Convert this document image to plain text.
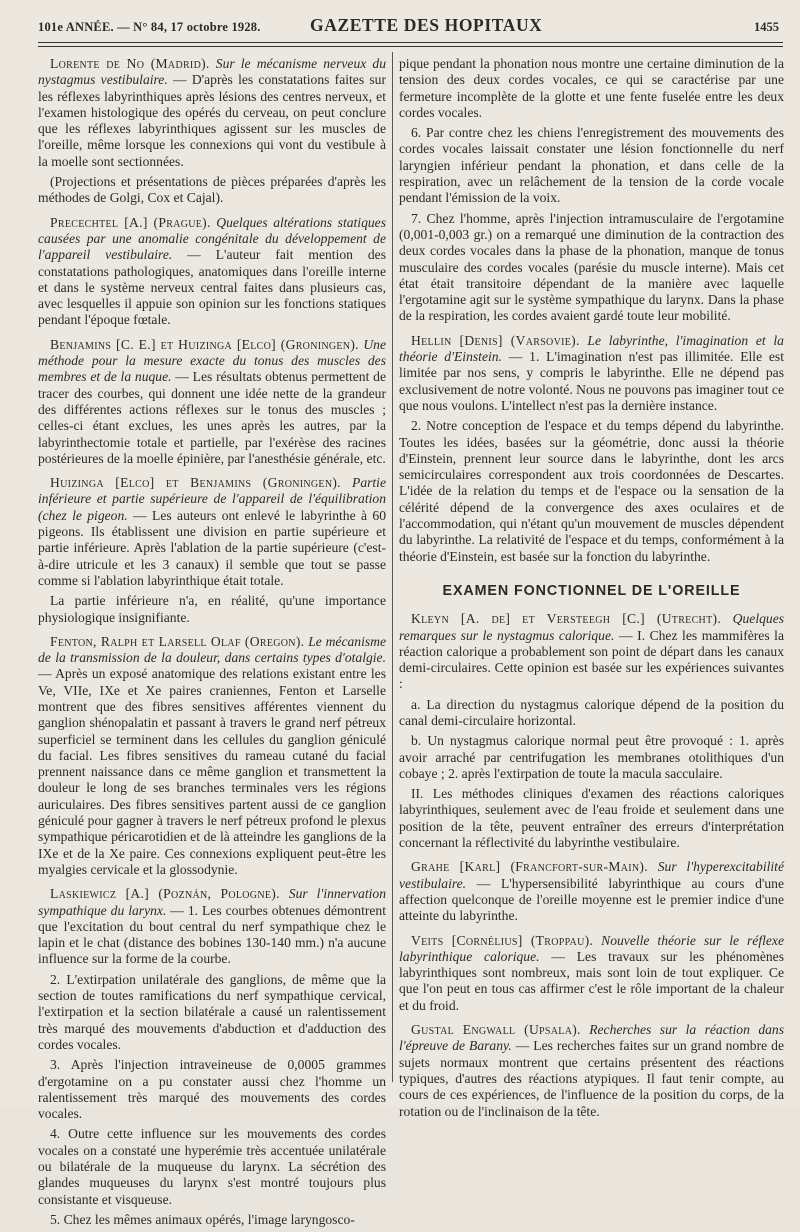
101e ANNÉE. — N° 84, 17 octobre 1928.	GAZETTE DES HOPITAUX	1455

Lorente de No (Madrid). Sur le mécanisme nerveux du nystagmus vestibulaire. — D'après les constatations faites sur les réflexes labyrinthiques après lésions des centres nerveux, et l'examen histologique des opérés du cerveau, on peut conclure que les réflexes labyrinthiques agissent sur les muscles de l'oreille, même lorsque les connexions qui vont du vestibule à la moelle sont sectionnées.

(Projections et présentations de pièces préparées d'après les méthodes de Golgi, Cox et Cajal).

Precechtel [A.] (Prague). Quelques altérations statiques causées par une anomalie congénitale du développement de l'appareil vestibulaire. — L'auteur fait mention des constatations pathologiques, anatomiques dans l'oreille interne et dans le système nerveux central faites dans plusieurs cas, avec lesquelles il appuie son opinion sur les fonctions statiques pendant l'époque fœtale.

Benjamins [C. E.] et Huizinga [Elco] (Groningen). Une méthode pour la mesure exacte du tonus des muscles des membres et de la nuque. — Les résultats obtenus permettent de tracer des courbes, qui donnent une idée nette de la grandeur des différentes actions réflexes sur le tonus des muscles ; celles-ci étant exclues, les unes après les autres, par la labyrinthectomie totale et partielle, par l'exérèse des racines postérieures de la moelle épinière, par l'anesthésie générale, etc.

Huizinga [Elco] et Benjamins (Groningen). Partie inférieure et partie supérieure de l'appareil de l'équilibration (chez le pigeon. — Les auteurs ont enlevé le labyrinthe à 60 pigeons. Ils établissent une division en partie supérieure et partie inférieure. Après l'ablation de la partie supérieure (c'est-à-dire utricule et les 3 canaux) il semble que tout se passe comme si l'ablation labyrinthique était totale.

La partie inférieure n'a, en réalité, qu'une importance physiologique insignifiante.

Fenton, Ralph et Larsell Olaf (Oregon). Le mécanisme de la transmission de la douleur, dans certains types d'otalgie. — Après un exposé anatomique des relations existant entre les Ve, VIIe, IXe et Xe paires craniennes, Fenton et Larselle montrent que des fibres sensitives afférentes viennent du ganglion shénopalatin et passant à travers le grand nerf pétreux superficiel se terminent dans les cellules du ganglion géniculé du facial. Les fibres sensitives du rameau cutané du facial prennent naissance dans ce même ganglion et transmettent la douleur le long de ses branches terminales vers les régions auriculaires. Des fibres sensitives partent aussi de ce ganglion géniculé pour gagner à travers le nerf pétreux profond le plexus sympathique péricarotidien et de là atteindre les ganglions de la IXe et de la Xe paire. Ces connexions expliquent peut-être les myalgies cervicale et la glossodynie.

Laskiewicz [A.] (Poznán, Pologne). Sur l'innervation sympathique du larynx. — 1. Les courbes obtenues démontrent que l'excitation du bout central du nerf sympathique chez le lapin et le chat (distance des bobines 130-140 mm.) n'a aucune influence sur la forme de la courbe.

2. L'extirpation unilatérale des ganglions, de même que la section de toutes ramifications du nerf sympathique cervical, l'extirpation et la section bilatérale a causé un ralentissement très marqué des mouvements d'abduction et d'adduction des cordes vocales.

3. Après l'injection intraveineuse de 0,0005 grammes d'ergotamine on a pu constater aussi chez l'homme un ralentissement très marqué des mouvements des cordes vocales.

4. Outre cette influence sur les mouvements des cordes vocales on a constaté une hyperémie très accentuée unilatérale ou bilatérale de la muqueuse du larynx. La sécrétion des glandes muqueuses du larynx s'est montré toujours plus consistante et visqueuse.

5. Chez les mêmes animaux opérés, l'image laryngosco-

pique pendant la phonation nous montre une certaine diminution de la tension des deux cordes vocales, ce qui se caractérise par une fermeture incomplète de la glotte et une fente fuselée entre les deux cordes vocales.

6. Par contre chez les chiens l'enregistrement des mouvements des cordes vocales laissait constater une lésion fonctionnelle du nerf laryngien inférieur pendant la phonation, et dans celle de la respiration, avec un relâchement de la tension de la corde vocale pendant l'émission de la voix.

7. Chez l'homme, après l'injection intramusculaire de l'ergotamine (0,001-0,003 gr.) on a remarqué une diminution de la contraction des deux cordes vocales dans la phase de la phonation, manque de tonus musculaire des cordes vocales (parésie du muscle interne). Mais cet état était transitoire dépendant de la manière avec laquelle l'ergotamine agit sur le système sympathique du larynx. Dans la phase de la respiration, les cordes avaient gardé toute leur mobilité.

Hellin [Denis] (Varsovie). Le labyrinthe, l'imagination et la théorie d'Einstein. — 1. L'imagination n'est pas illimitée. Elle est limitée par nos sens, y compris le labyrinthe. Elle ne dépend pas exclusivement de notre volonté. Nous ne pouvons pas imaginer tout ce que nous voulons. L'intellect n'est pas la dernière instance.

2. Notre conception de l'espace et du temps dépend du labyrinthe. Toutes les idées, basées sur la géométrie, donc aussi la théorie d'Einstein, prennent leur source dans le labyrinthe, dont les arcs semicirculaires correspondent aux trois coordonnées de Descartes. L'idée de la relation du temps et de l'espace ou la sensation de la célérité dépend de la convergence des axes oculaires et de l'accommodation, qui n'étant qu'un mouvement de muscles dépendent du labyrinthe. La relativité de l'espace et du temps, conformément à la théorie d'Einstein, est basée sur la fonction du labyrinthe.

EXAMEN FONCTIONNEL DE L'OREILLE

Kleyn [A. de] et Versteegh [C.] (Utrecht). Quelques remarques sur le nystagmus calorique. — I. Chez les mammifères la réaction calorique a probablement son point de départ dans les canaux demi-circulaires. Cette opinion est basée sur les expériences suivantes :

a. La direction du nystagmus calorique dépend de la position du canal demi-circulaire horizontal.

b. Un nystagmus calorique normal peut être provoqué : 1. après avoir arraché par centrifugation les membranes otolithiques d'un cobaye ; 2. après l'extirpation de toute la macula sacculaire.

II. Les méthodes cliniques d'examen des réactions caloriques labyrinthiques, seulement avec de l'eau froide et seulement dans une position de la tête, peuvent entraîner des erreurs d'interprétation concernant la réflectivité du labyrinthe vestibulaire.

Grahe [Karl] (Francfort-sur-Main). Sur l'hyperexcitabilité vestibulaire. — L'hypersensibilité labyrinthique au cours d'une affection quelconque de l'oreille moyenne est le premier indice d'une atteinte du labyrinthe.

Veits [Cornélius] (Troppau). Nouvelle théorie sur le réflexe labyrinthique calorique. — Les travaux sur les phénomènes labyrinthiques sont nombreux, mais sont loin de tout expliquer. Ce que l'on peut en tous cas affirmer c'est le rôle important de la chaleur et du froid.

Gustal Engwall (Upsala). Recherches sur la réaction dans l'épreuve de Barany. — Les recherches faites sur un grand nombre de sujets normaux montrent que certains présentent des réactions typiques, d'autres des réactions atypiques. Il faut tenir compte, au cours de ces expériences, de l'influence de la position du corps, de la rotation ou de l'inclinaison de la tête.
